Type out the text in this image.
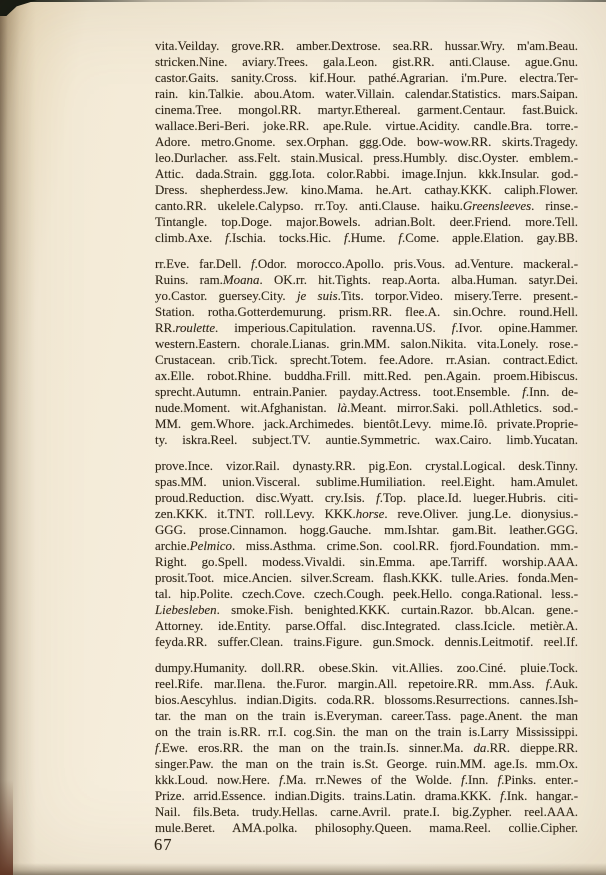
vita.Veilday. grove.RR. amber.Dextrose. sea.RR. hussar.Wry. m'am.Beau.
stricken.Nine. aviary.Trees. gala.Leon. gist.RR. anti.Clause. ague.Gnu.
castor.Gaits. sanity.Cross. kif.Hour. pathé.Agrarian. i'm.Pure. electra.Ter-
rain. kin.Talkie. abou.Atom. water.Villain. calendar.Statistics. mars.Saipan.
cinema.Tree. mongol.RR. martyr.Ethereal. garment.Centaur. fast.Buick.
wallace.Beri-Beri. joke.RR. ape.Rule. virtue.Acidity. candle.Bra. torre.-
Adore. metro.Gnome. sex.Orphan. ggg.Ode. bow-wow.RR. skirts.Tragedy.
leo.Durlacher. ass.Felt. stain.Musical. press.Humbly. disc.Oyster. emblem.-
Attic. dada.Strain. ggg.Iota. color.Rabbi. image.Injun. kkk.Insular. god.-
Dress. shepherdess.Jew. kino.Mama. he.Art. cathay.KKK. caliph.Flower.
canto.RR. ukelele.Calypso. rr.Toy. anti.Clause. haiku.Greensleeves. rinse.-
Tintangle. top.Doge. major.Bowels. adrian.Bolt. deer.Friend. more.Tell.
climb.Axe. f.Ischia. tocks.Hic. f.Hume. f.Come. apple.Elation. gay.BB.

rr.Eve. far.Dell. f.Odor. morocco.Apollo. pris.Vous. ad.Venture. mackeral.-
Ruins. ram.Moana. OK.rr. hit.Tights. reap.Aorta. alba.Human. satyr.Dei.
yo.Castor. guersey.City. je suis.Tits. torpor.Video. misery.Terre. present.-
Station. rotha.Gotterdemurung. prism.RR. flee.A. sin.Ochre. round.Hell.
RR.roulette. imperious.Capitulation. ravenna.US. f.Ivor. opine.Hammer.
western.Eastern. chorale.Lianas. grin.MM. salon.Nikita. vita.Lonely. rose.-
Crustacean. crib.Tick. sprecht.Totem. fee.Adore. rr.Asian. contract.Edict.
ax.Elle. robot.Rhine. buddha.Frill. mitt.Red. pen.Again. proem.Hibiscus.
sprecht.Autumn. entrain.Panier. payday.Actress. toot.Ensemble. f.Inn. de-
nude.Moment. wit.Afghanistan. là.Meant. mirror.Saki. poll.Athletics. sod.-
MM. gem.Whore. jack.Archimedes. bientôt.Levy. mime.Iô. private.Proprie-
ty. iskra.Reel. subject.TV. auntie.Symmetric. wax.Cairo. limb.Yucatan.

prove.Ince. vizor.Rail. dynasty.RR. pig.Eon. crystal.Logical. desk.Tinny.
spas.MM. union.Visceral. sublime.Humiliation. reel.Eight. ham.Amulet.
proud.Reduction. disc.Wyatt. cry.Isis. f.Top. place.Id. lueger.Hubris. citi-
zen.KKK. it.TNT. roll.Levy. KKK.horse. reve.Oliver. jung.Le. dionysius.-
GGG. prose.Cinnamon. hogg.Gauche. mm.Ishtar. gam.Bit. leather.GGG.
archie.Pelmico. miss.Asthma. crime.Son. cool.RR. fjord.Foundation. mm.-
Right. go.Spell. modess.Vivaldi. sin.Emma. ape.Tarriff. worship.AAA.
prosit.Toot. mice.Ancien. silver.Scream. flash.KKK. tulle.Aries. fonda.Men-
tal. hip.Polite. czech.Cove. czech.Cough. peek.Hello. conga.Rational. less.-
Liebesleben. smoke.Fish. benighted.KKK. curtain.Razor. bb.Alcan. gene.-
Attorney. ide.Entity. parse.Offal. disc.Integrated. class.Icicle. metièr.A.
feyda.RR. suffer.Clean. trains.Figure. gun.Smock. dennis.Leitmotif. reel.If.

dumpy.Humanity. doll.RR. obese.Skin. vit.Allies. zoo.Ciné. pluie.Tock.
reel.Rife. mar.Ilena. the.Furor. margin.All. repetoire.RR. mm.Ass. f.Auk.
bios.Aescyhlus. indian.Digits. coda.RR. blossoms.Resurrections. cannes.Ish-
tar. the man on the train is.Everyman. career.Tass. page.Anent. the man
on the train is.RR. rr.I. cog.Sin. the man on the train is.Larry Mississippi.
f.Ewe. eros.RR. the man on the train.Is. sinner.Ma. da.RR. dieppe.RR.
singer.Paw. the man on the train is.St. George. ruin.MM. age.Is. mm.Ox.
kkk.Loud. now.Here. f.Ma. rr.Newes of the Wolde. f.Inn. f.Pinks. enter.-
Prize. arrid.Essence. indian.Digits. trains.Latin. drama.KKK. f.Ink. hangar.-
Nail. fils.Beta. trudy.Hellas. carne.Avril. prate.I. big.Zypher. reel.AAA.
mule.Beret. AMA.polka. philosophy.Queen. mama.Reel. collie.Cipher.

67
